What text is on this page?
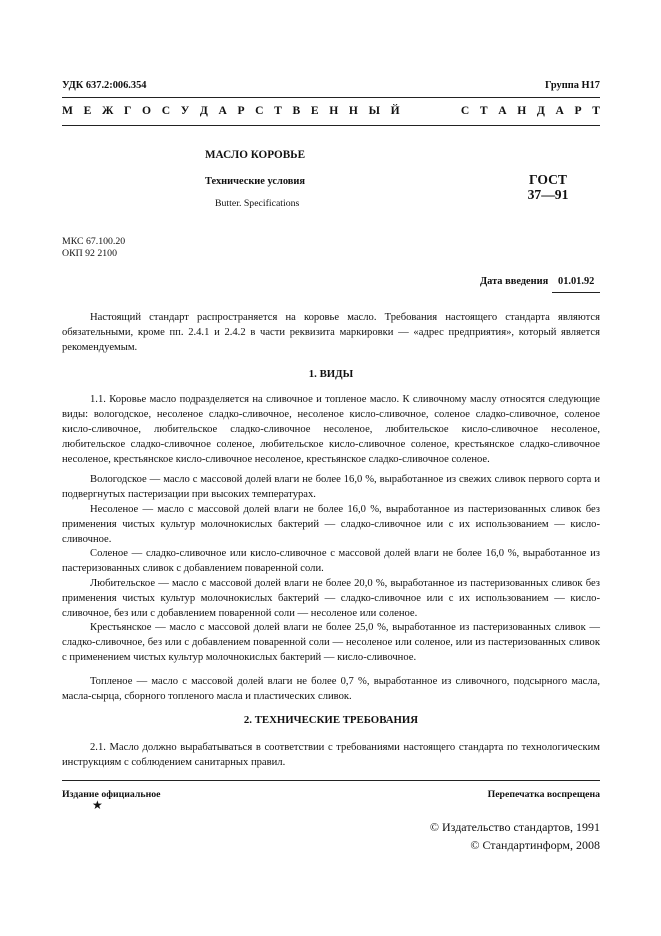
УДК 637.2:006.354	Группа Н17
М Е Ж Г О С У Д А Р С Т В Е Н Н Ы Й	С Т А Н Д А Р Т
МАСЛО КОРОВЬЕ
Технические условия
Butter. Specifications
ГОСТ
37—91
МКС 67.100.20
ОКП 92 2100
Дата введения 01.01.92

Настоящий стандарт распространяется на коровье масло. Требования настоящего стандарта являются обязательными, кроме пп. 2.4.1 и 2.4.2 в части реквизита маркировки — «адрес предприятия», который является рекомендуемым.

1. ВИДЫ

1.1. Коровье масло подразделяется на сливочное и топленое масло. К сливочному маслу относятся следующие виды: вологодское, несоленое сладко-сливочное, несоленое кисло-сливочное, соленое сладко-сливочное, соленое кисло-сливочное, любительское сладко-сливочное несоленое, любительское кисло-сливочное несоленое, любительское сладко-сливочное соленое, любительское кисло-сливочное соленое, крестьянское сладко-сливочное несоленое, крестьянское кисло-сливочное несоленое, крестьянское сладко-сливочное соленое.

Вологодское — масло с массовой долей влаги не более 16,0 %, выработанное из свежих сливок первого сорта и подвергнутых пастеризации при высоких температурах.

Несоленое — масло с массовой долей влаги не более 16,0 %, выработанное из пастеризованных сливок без применения чистых культур молочнокислых бактерий — сладко-сливочное или с их использованием — кисло-сливочное.

Соленое — сладко-сливочное или кисло-сливочное с массовой долей влаги не более 16,0 %, выработанное из пастеризованных сливок с добавлением поваренной соли.

Любительское — масло с массовой долей влаги не более 20,0 %, выработанное из пастеризованных сливок без применения чистых культур молочнокислых бактерий — сладко-сливочное или с их использованием — кисло-сливочное, без или с добавлением поваренной соли — несоленое или соленое.

Крестьянское — масло с массовой долей влаги не более 25,0 %, выработанное из пастеризованных сливок — сладко-сливочное, без или с добавлением поваренной соли — несоленое или соленое, или из пастеризованных сливок с применением чистых культур молочнокислых бактерий — кисло-сливочное.

Топленое — масло с массовой долей влаги не более 0,7 %, выработанное из сливочного, подсырного масла, масла-сырца, сборного топленого масла и пластических сливок.

2. ТЕХНИЧЕСКИЕ ТРЕБОВАНИЯ

2.1. Масло должно вырабатываться в соответствии с требованиями настоящего стандарта по технологическим инструкциям с соблюдением санитарных правил.

Издание официальное
★
Перепечатка воспрещена
© Издательство стандартов, 1991
© Стандартинформ, 2008
